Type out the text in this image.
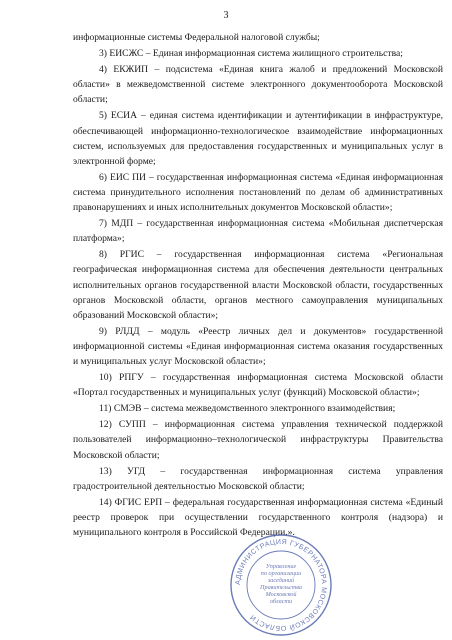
3

информационные системы Федеральной налоговой службы;

3) ЕИСЖС – Единая информационная система жилищного строительства;

4) ЕКЖИП – подсистема «Единая книга жалоб и предложений Московской области» в межведомственной системе электронного документооборота Московской области;

5) ЕСИА – единая система идентификации и аутентификации в инфраструктуре, обеспечивающей информационно-технологическое взаимодействие информационных систем, используемых для предоставления государственных и муниципальных услуг в электронной форме;

6) ЕИС ПИ – государственная информационная система «Единая информационная система принудительного исполнения постановлений по делам об административных правонарушениях и иных исполнительных документов Московской области»;

7) МДП – государственная информационная система «Мобильная диспетчерская платформа»;

8) РГИС – государственная информационная система «Региональная географическая информационная система для обеспечения деятельности центральных исполнительных органов государственной власти Московской области, государственных органов Московской области, органов местного самоуправления муниципальных образований Московской области»;

9) РЛДД – модуль «Реестр личных дел и документов» государственной информационной системы «Единая информационная система оказания государственных и муниципальных услуг Московской области»;

10) РПГУ – государственная информационная система Московской области «Портал государственных и муниципальных услуг (функций) Московской области»;

11) СМЭВ – система межведомственного электронного взаимодействия;

12) СУПП – информационная система управления технической поддержкой пользователей информационно–технологической инфраструктуры Правительства Московской области;

13) УГД – государственная информационная система управления градостроительной деятельностью Московской области;

14) ФГИС ЕРП – федеральная государственная информационная система «Единый реестр проверок при осуществлении государственного контроля (надзора) и муниципального контроля в Российской Федерации.».

АДМИНИСТРАЦИЯ ГУБЕРНАТОРА МОСКОВСКОЙ ОБЛАСТИ
Управление
по организации
заседаний
Правительства
Московской
области
